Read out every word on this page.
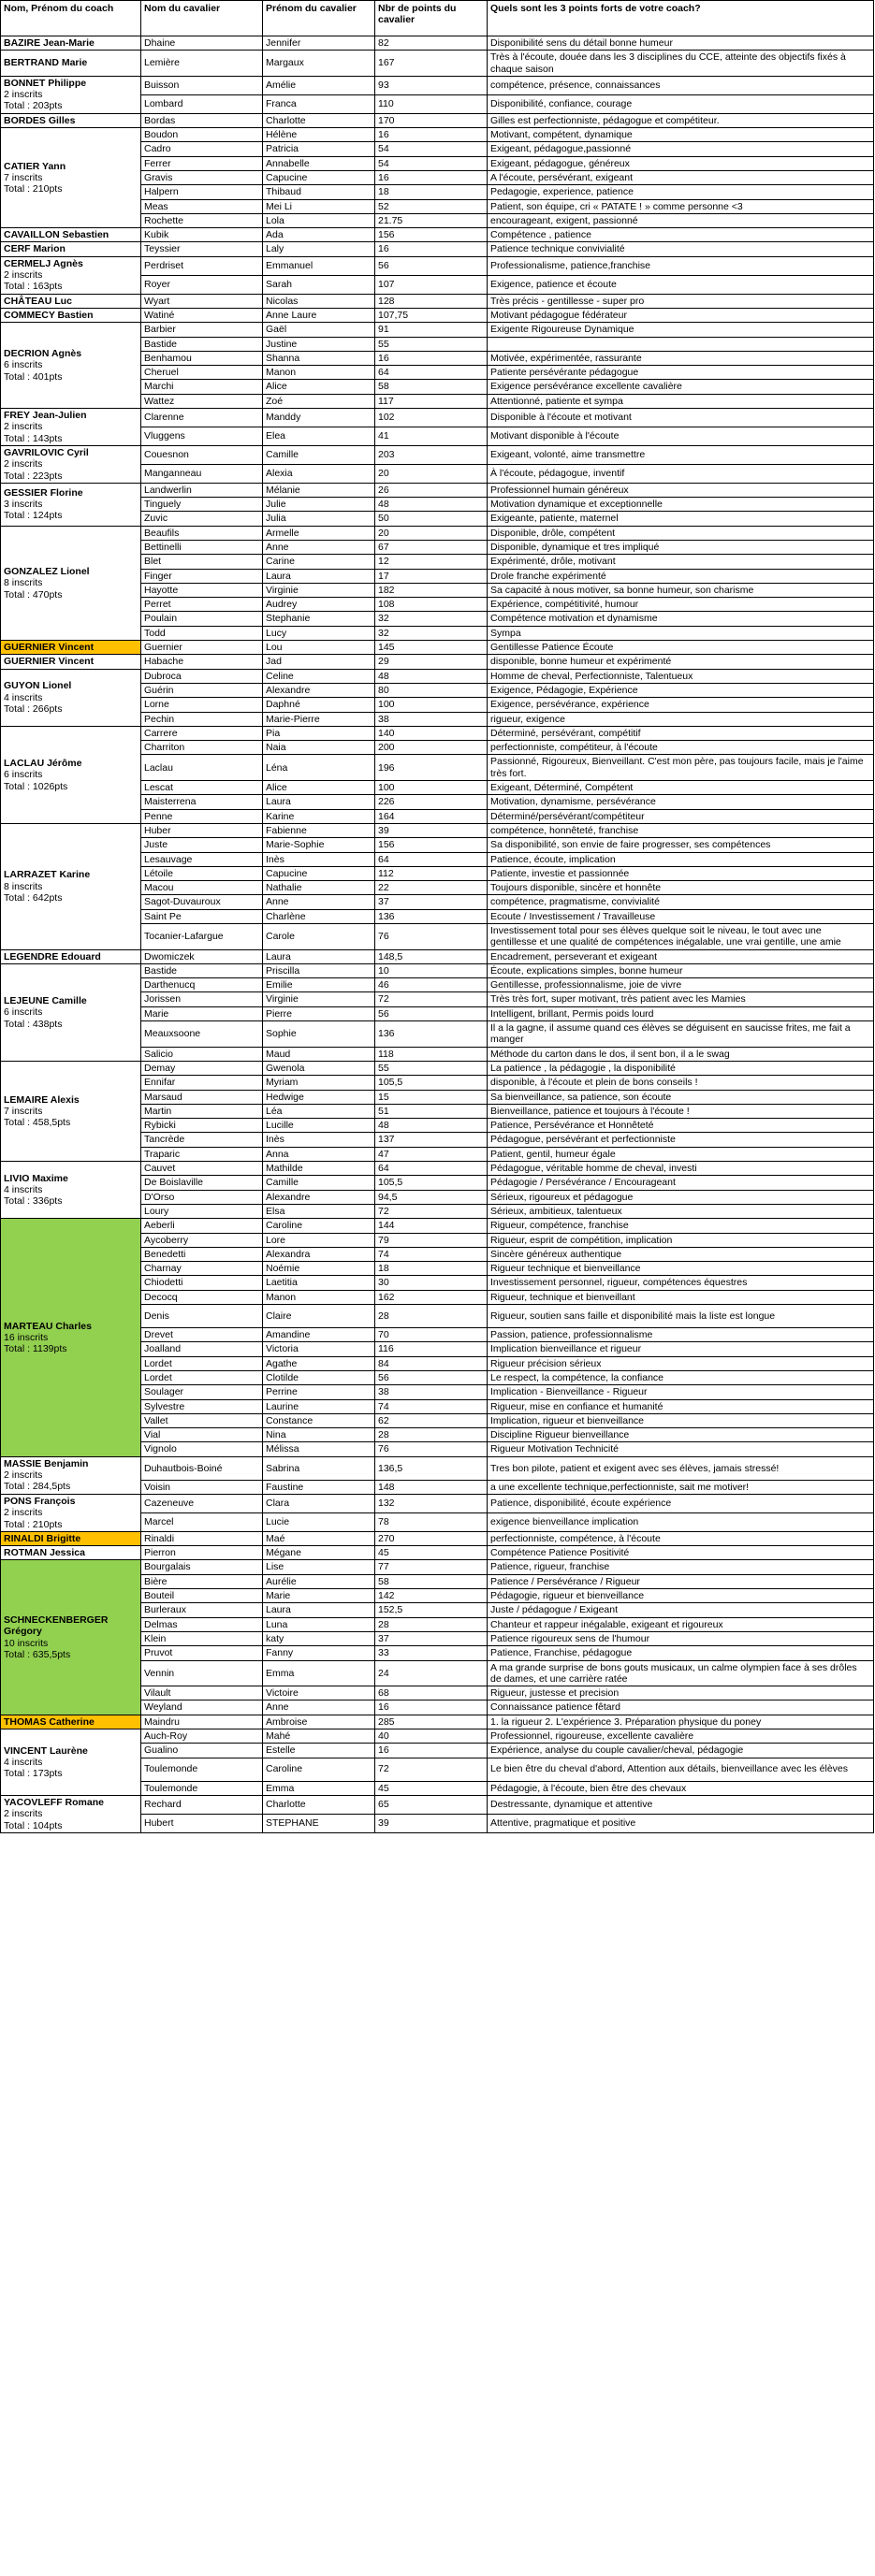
Nom, Prénom du coach	Nom du cavalier	Prénom du cavalier	Nbr de points du cavalier	Quels sont les 3 points forts de votre coach?

BAZIRE Jean-Marie	Dhaine	Jennifer	82	Disponibilité sens du détail bonne humeur

BERTRAND Marie	Lemière	Margaux	167	Très à l'écoute, douée dans les 3 disciplines du CCE, atteinte des objectifs fixés à chaque saison

BONNET Philippe
2 inscrits
Total : 203pts	Buisson	Amélie	93	compétence, présence, connaissances
	Lombard	Franca	110	Disponibilité, confiance, courage

BORDES Gilles	Bordas	Charlotte	170	Gilles est perfectionniste, pédagogue et compétiteur.

CATIER Yann
7 inscrits
Total : 210pts	Boudon	Hélène	16	Motivant, compétent, dynamique
	Cadro	Patricia	54	Exigeant, pédagogue,passionné
	Ferrer	Annabelle	54	Exigeant, pédagogue, généreux
	Gravis	Capucine	16	A l'écoute, persévérant, exigeant
	Halpern	Thibaud	18	Pedagogie, experience, patience
	Meas	Mei Li	52	Patient, son équipe, cri « PATATE ! » comme personne <3
	Rochette	Lola	21.75	encourageant, exigent, passionné

CAVAILLON Sebastien	Kubik	Ada	156	Compétence , patience

CERF Marion	Teyssier	Laly	16	Patience technique convivialité

CERMELJ Agnès
2 inscrits
Total : 163pts	Perdriset	Emmanuel	56	Professionalisme, patience,franchise
	Royer	Sarah	107	Exigence, patience et écoute

CHÂTEAU Luc	Wyart	Nicolas	128	Très précis - gentillesse - super pro

COMMECY Bastien	Watiné	Anne Laure	107,75	Motivant pédagogue fédérateur

DECRION Agnès
6 inscrits
Total : 401pts	Barbier	Gaël	91	Exigente Rigoureuse Dynamique
	Bastide	Justine	55	
	Benhamou	Shanna	16	Motivée, expérimentée, rassurante
	Cheruel	Manon	64	Patiente persévérante pédagogue
	Marchi	Alice	58	Exigence persévérance excellente cavalière
	Wattez	Zoé	117	Attentionné, patiente et sympa

FREY Jean-Julien
2 inscrits
Total : 143pts	Clarenne	Manddy	102	Disponible à l'écoute et motivant
	Vluggens	Elea	41	Motivant disponible à l'écoute

GAVRILOVIC Cyril
2 inscrits
Total : 223pts	Couesnon	Camille	203	Exigeant, volonté, aime transmettre
	Manganneau	Alexia	20	À l'écoute, pédagogue, inventif

GESSIER Florine
3 inscrits
Total : 124pts	Landwerlin	Mélanie	26	Professionnel humain généreux
	Tinguely	Julie	48	Motivation dynamique et exceptionnelle
	Zuvic	Julia	50	Exigeante, patiente, maternel

GONZALEZ Lionel
8 inscrits
Total : 470pts	Beaufils	Armelle	20	Disponible, drôle, compétent
	Bettinelli	Anne	67	Disponible, dynamique et tres impliqué
	Blet	Carine	12	Expérimenté, drôle, motivant
	Finger	Laura	17	Drole franche expérimenté
	Hayotte	Virginie	182	Sa capacité à nous motiver, sa bonne humeur, son charisme
	Perret	Audrey	108	Expérience, compétitivité, humour
	Poulain	Stephanie	32	Compétence motivation et dynamisme
	Todd	Lucy	32	Sympa

GUERNIER Vincent	Guernier	Lou	145	Gentillesse Patience Écoute

GUERNIER Vincent	Habache	Jad	29	disponible, bonne humeur et expérimenté

GUYON Lionel
4 inscrits
Total : 266pts	Dubroca	Celine	48	Homme de cheval, Perfectionniste, Talentueux
	Guérin	Alexandre	80	Exigence, Pédagogie, Expérience
	Lorne	Daphné	100	Exigence, persévérance, expérience
	Pechin	Marie-Pierre	38	rigueur, exigence

LACLAU Jérôme
6 inscrits
Total : 1026pts	Carrere	Pia	140	Déterminé, persévérant, compétitif
	Charriton	Naia	200	perfectionniste, compétiteur, à l'écoute
	Laclau	Léna	196	Passionné, Rigoureux, Bienveillant. C'est mon père, pas toujours facile, mais je l'aime très fort.
	Lescat	Alice	100	Exigeant, Déterminé, Compétent
	Maisterrena	Laura	226	Motivation, dynamisme, persévérance
	Penne	Karine	164	Déterminé/persévérant/compétiteur

LARRAZET Karine
8 inscrits
Total : 642pts	Huber	Fabienne	39	compétence, honnêteté, franchise
	Juste	Marie-Sophie	156	Sa disponibilité, son envie de faire progresser, ses compétences
	Lesauvage	Inès	64	Patience, écoute, implication
	Létoile	Capucine	112	Patiente, investie et passionnée
	Macou	Nathalie	22	Toujours disponible, sincère et honnête
	Sagot-Duvauroux	Anne	37	compétence, pragmatisme, convivialité
	Saint Pe	Charlène	136	Ecoute / Investissement / Travailleuse
	Tocanier-Lafargue	Carole	76	Investissement total pour ses élèves quelque soit le niveau, le tout avec une gentillesse et une qualité de compétences inégalable, une vrai gentille, une amie

LEGENDRE Edouard	Dwomiczek	Laura	148,5	Encadrement, perseverant et exigeant

LEJEUNE Camille
6 inscrits
Total : 438pts	Bastide	Priscilla	10	Écoute, explications simples, bonne humeur
	Darthenucq	Emilie	46	Gentillesse, professionnalisme, joie de vivre
	Jorissen	Virginie	72	Très très fort, super motivant, très patient avec les Mamies
	Marie	Pierre	56	Intelligent, brillant, Permis poids lourd
	Meauxsoone	Sophie	136	Il a la gagne, il assume quand ces élèves se déguisent en saucisse frites, me fait a manger
	Salicio	Maud	118	Méthode du carton dans le dos, il sent bon, il a le swag

LEMAIRE Alexis
7 inscrits
Total : 458,5pts	Demay	Gwenola	55	La patience , la pédagogie , la disponibilité
	Ennifar	Myriam	105,5	disponible, à l'écoute et plein de bons conseils !
	Marsaud	Hedwige	15	Sa bienveillance, sa patience, son écoute
	Martin	Léa	51	Bienveillance, patience et toujours à l'écoute !
	Rybicki	Lucille	48	Patience, Persévérance et Honnêteté
	Tancrède	Inès	137	Pédagogue, persévérant et perfectionniste
	Traparic	Anna	47	Patient, gentil, humeur égale

LIVIO Maxime
4 inscrits
Total : 336pts	Cauvet	Mathilde	64	Pédagogue, véritable homme de cheval, investi
	De Boislaville	Camille	105,5	Pédagogie / Persévérance / Encourageant
	D'Orso	Alexandre	94,5	Sérieux, rigoureux et pédagogue
	Loury	Elsa	72	Sérieux, ambitieux, talentueux

MARTEAU Charles
16 inscrits
Total : 1139pts	Aeberli	Caroline	144	Rigueur, compétence, franchise
	Aycoberry	Lore	79	Rigueur, esprit de compétition, implication
	Benedetti	Alexandra	74	Sincère généreux authentique
	Charnay	Noémie	18	Rigueur technique et bienveillance
	Chiodetti	Laetitia	30	Investissement personnel, rigueur, compétences équestres
	Decocq	Manon	162	Rigueur, technique et bienveillant
	Denis	Claire	28	Rigueur, soutien sans faille et disponibilité mais la liste est longue
	Drevet	Amandine	70	Passion, patience, professionnalisme
	Joalland	Victoria	116	Implication bienveillance et rigueur
	Lordet	Agathe	84	Rigueur précision sérieux
	Lordet	Clotilde	56	Le respect, la compétence, la confiance
	Soulager	Perrine	38	Implication - Bienveillance - Rigueur
	Sylvestre	Laurine	74	Rigueur, mise en confiance et humanité
	Vallet	Constance	62	Implication, rigueur et bienveillance
	Vial	Nina	28	Discipline Rigueur bienveillance
	Vignolo	Mélissa	76	Rigueur Motivation Technicité

MASSIE Benjamin
2 inscrits
Total : 284,5pts	Duhautbois-Boiné	Sabrina	136,5	Tres bon pilote, patient et exigent avec ses élèves, jamais stressé!
	Voisin	Faustine	148	a une excellente technique,perfectionniste, sait me motiver!

PONS François
2 inscrits
Total : 210pts	Cazeneuve	Clara	132	Patience, disponibilité, écoute expérience
	Marcel	Lucie	78	exigence bienveillance implication

RINALDI Brigitte	Rinaldi	Maé	270	perfectionniste, compétence, à l'écoute

ROTMAN Jessica	Pierron	Mégane	45	Compétence Patience Positivité

SCHNECKENBERGER Grégory
10 inscrits
Total : 635,5pts	Bourgalais	Lise	77	Patience, rigueur, franchise
	Bière	Aurélie	58	Patience / Persévérance / Rigueur
	Bouteil	Marie	142	Pédagogie, rigueur et bienveillance
	Burleraux	Laura	152,5	Juste / pédagogue / Exigeant
	Delmas	Luna	28	Chanteur et rappeur inégalable, exigeant et rigoureux
	Klein	katy	37	Patience rigoureux sens de l'humour
	Pruvot	Fanny	33	Patience, Franchise, pédagogue
	Vennin	Emma	24	A ma grande surprise de bons gouts musicaux, un calme olympien face à ses drôles de dames, et une carrière ratée
	Vilault	Victoire	68	Rigueur, justesse et precision
	Weyland	Anne	16	Connaissance patience fêtard

THOMAS Catherine	Maindru	Ambroise	285	1. la rigueur 2. L'expérience 3. Préparation physique du poney

VINCENT Laurène
4 inscrits
Total : 173pts	Auch-Roy	Mahé	40	Professionnel, rigoureuse, excellente cavalière
	Gualino	Estelle	16	Expérience, analyse du couple cavalier/cheval, pédagogie
	Toulemonde	Caroline	72	Le bien être du cheval d'abord, Attention aux détails, bienveillance avec les élèves
	Toulemonde	Emma	45	Pédagogie, à l'écoute, bien être des chevaux

YACOVLEFF Romane
2 inscrits
Total : 104pts	Rechard	Charlotte	65	Destressante, dynamique et attentive
	Hubert	STEPHANE	39	Attentive, pragmatique et positive
